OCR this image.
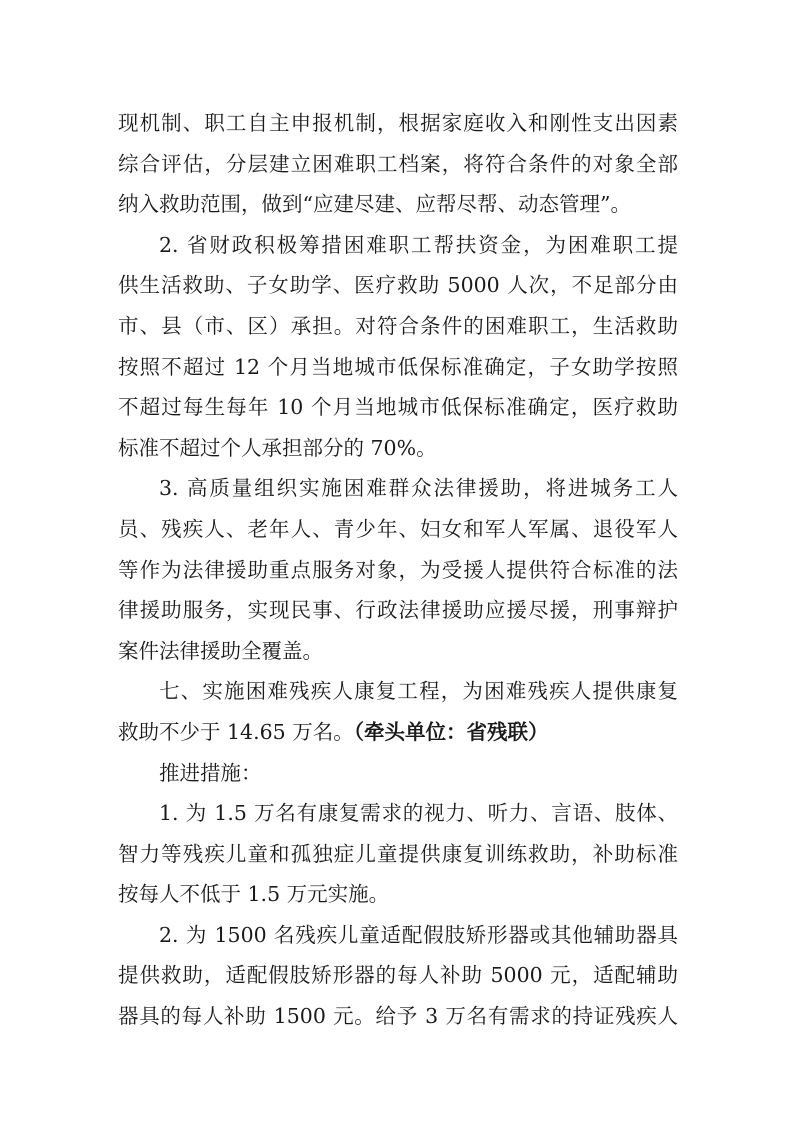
现机制、职工自主申报机制，根据家庭收入和刚性支出因素
综合评估，分层建立困难职工档案，将符合条件的对象全部
纳入救助范围，做到“应建尽建、应帮尽帮、动态管理”。
2. 省财政积极筹措困难职工帮扶资金，为困难职工提
供生活救助、子女助学、医疗救助 5000 人次，不足部分由
市、县（市、区）承担。对符合条件的困难职工，生活救助
按照不超过 12 个月当地城市低保标准确定，子女助学按照
不超过每生每年 10 个月当地城市低保标准确定，医疗救助
标准不超过个人承担部分的 70%。
3. 高质量组织实施困难群众法律援助，将进城务工人
员、残疾人、老年人、青少年、妇女和军人军属、退役军人
等作为法律援助重点服务对象，为受援人提供符合标准的法
律援助服务，实现民事、行政法律援助应援尽援，刑事辩护
案件法律援助全覆盖。
七、实施困难残疾人康复工程，为困难残疾人提供康复
救助不少于 14.65 万名。（牵头单位：省残联）
推进措施：
1. 为 1.5 万名有康复需求的视力、听力、言语、肢体、
智力等残疾儿童和孤独症儿童提供康复训练救助，补助标准
按每人不低于 1.5 万元实施。
2. 为 1500 名残疾儿童适配假肢矫形器或其他辅助器具
提供救助，适配假肢矫形器的每人补助 5000 元，适配辅助
器具的每人补助 1500 元。给予 3 万名有需求的持证残疾人
